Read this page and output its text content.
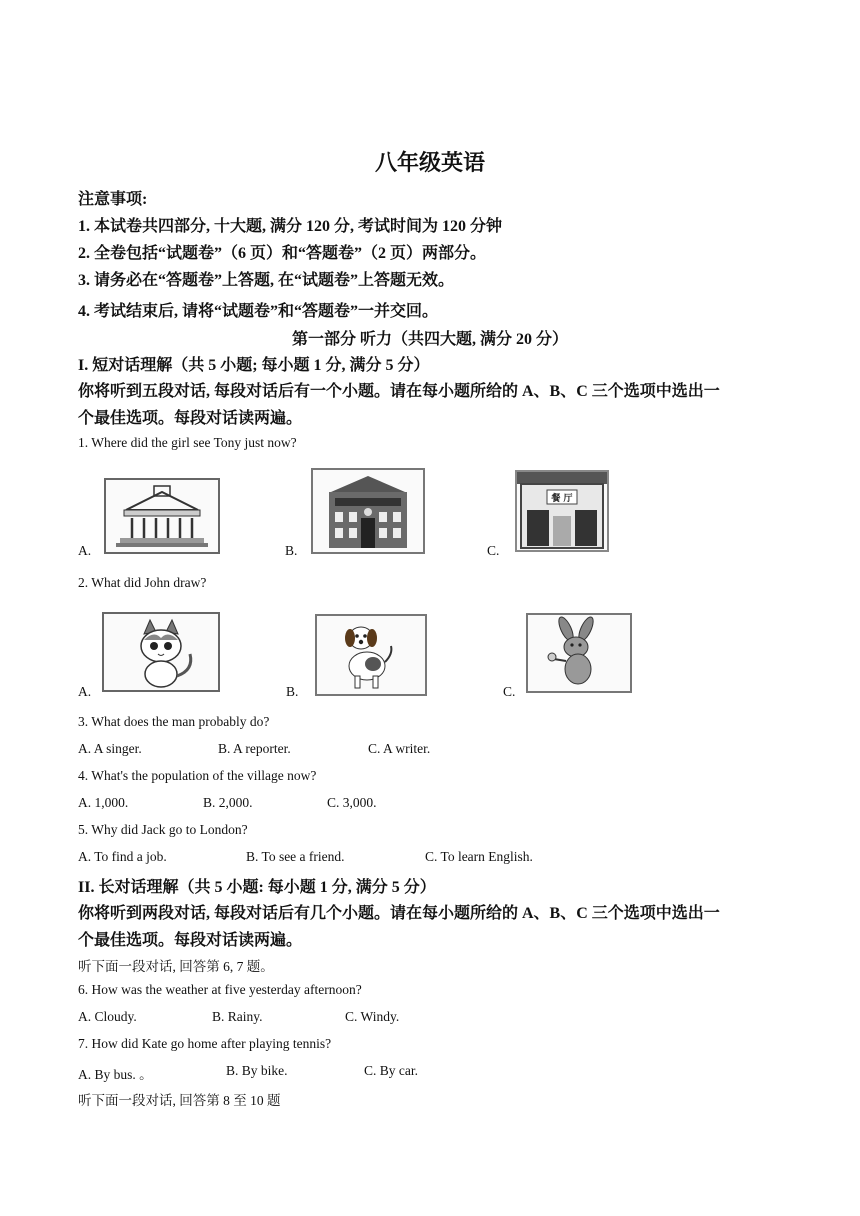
八年级英语
注意事项:
1. 本试卷共四部分, 十大题, 满分 120 分, 考试时间为 120 分钟
2. 全卷包括“试题卷”（6 页）和“答题卷”（2 页）两部分。
3. 请务必在“答题卷”上答题, 在“试题卷”上答题无效。
4. 考试结束后, 请将“试题卷”和“答题卷”一并交回。
第一部分 听力（共四大题, 满分 20 分）
I. 短对话理解（共 5 小题; 每小题 1 分, 满分 5 分）
你将听到五段对话, 每段对话后有一个小题。请在每小题所给的 A、B、C 三个选项中选出一
个最佳选项。每段对话读两遍。
1. Where did the girl see Tony just now?
A.	B.	C.
餐 厅
2. What did John draw?
A.	B.	C.
3. What does the man probably do?
A. A singer.	B. A reporter.	C. A writer.
4. What's the population of the village now?
A. 1,000.	B. 2,000.	C. 3,000.
5. Why did Jack go to London?
A. To find a job.	B. To see a friend.	C. To learn English.
II. 长对话理解（共 5 小题: 每小题 1 分, 满分 5 分）
你将听到两段对话, 每段对话后有几个小题。请在每小题所给的 A、B、C 三个选项中选出一
个最佳选项。每段对话读两遍。
听下面一段对话, 回答第 6, 7 题。
6. How was the weather at five yesterday afternoon?
A. Cloudy.	B. Rainy.	C. Windy.
7. How did Kate go home after playing tennis?
A. By bus. 。	B. By bike.	C. By car.
听下面一段对话, 回答第 8 至 10 题
